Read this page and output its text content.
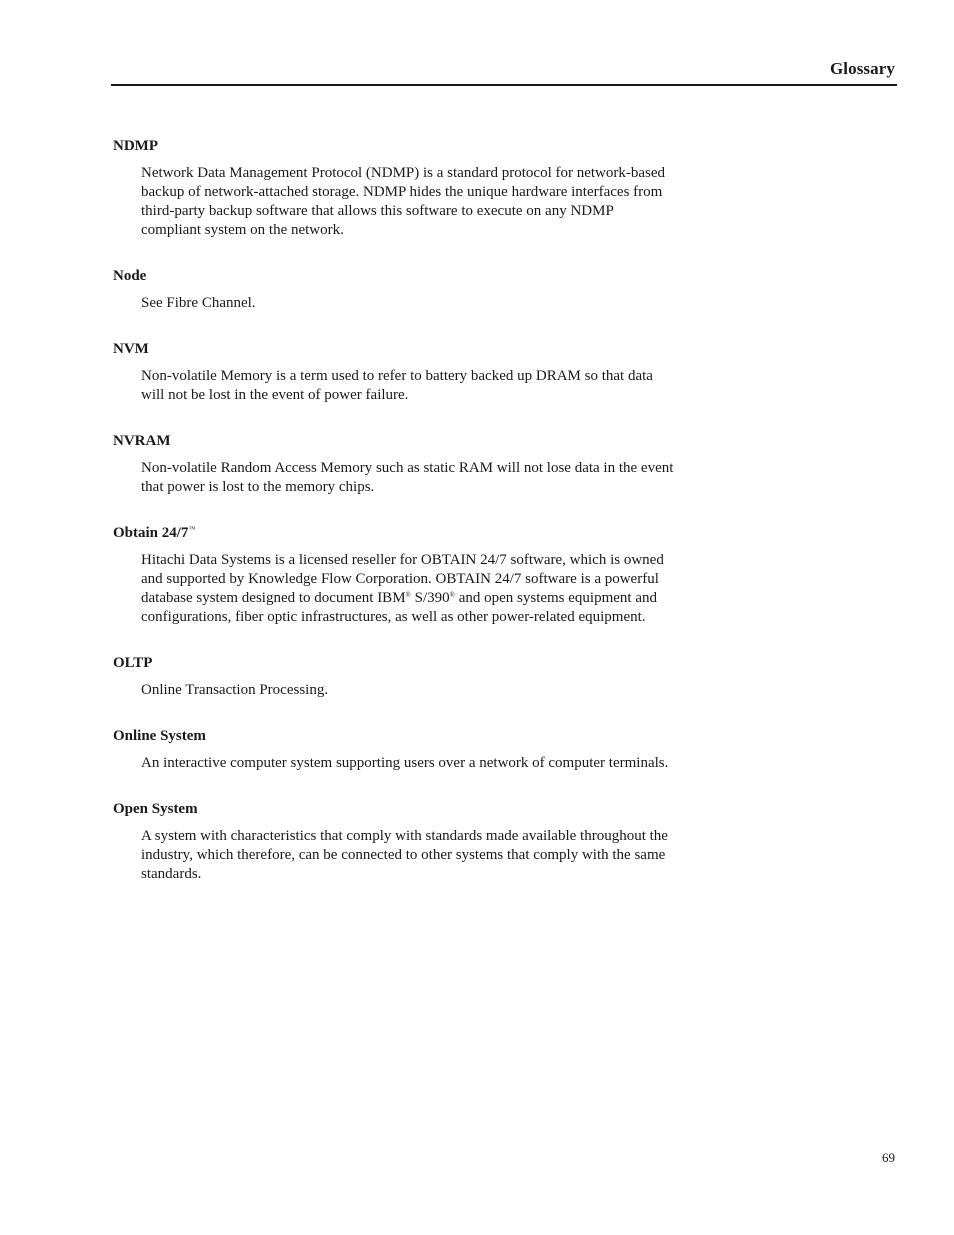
Glossary
NDMP

Network Data Management Protocol (NDMP) is a standard protocol for network-based backup of network-attached storage. NDMP hides the unique hardware interfaces from third-party backup software that allows this software to execute on any NDMP compliant system on the network.

Node

See Fibre Channel.

NVM

Non-volatile Memory is a term used to refer to battery backed up DRAM so that data will not be lost in the event of power failure.

NVRAM

Non-volatile Random Access Memory such as static RAM will not lose data in the event that power is lost to the memory chips.

Obtain 24/7™

Hitachi Data Systems is a licensed reseller for OBTAIN 24/7 software, which is owned and supported by Knowledge Flow Corporation. OBTAIN 24/7 software is a powerful database system designed to document IBM® S/390® and open systems equipment and configurations, fiber optic infrastructures, as well as other power-related equipment.

OLTP

Online Transaction Processing.

Online System

An interactive computer system supporting users over a network of computer terminals.

Open System

A system with characteristics that comply with standards made available throughout the industry, which therefore, can be connected to other systems that comply with the same standards.

69
